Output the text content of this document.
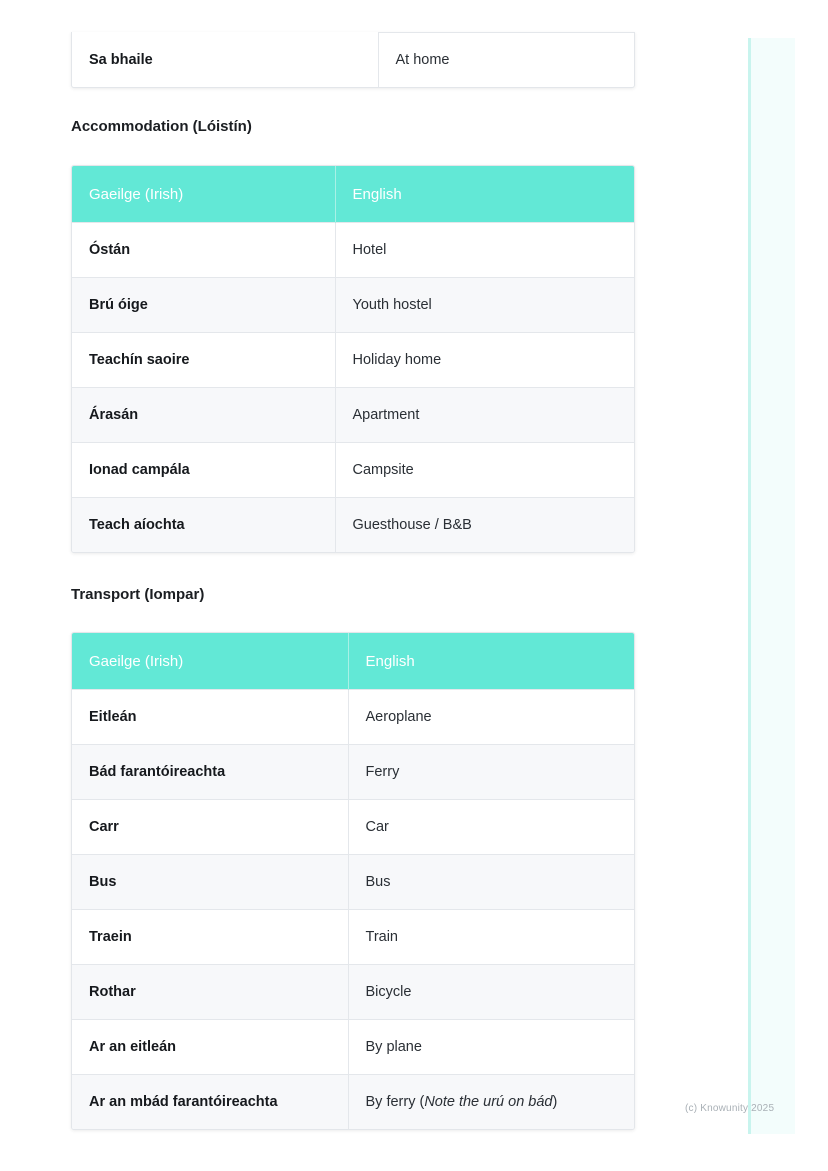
Sa bhaile	At home
Accommodation (Lóistín)
Gaeilge (Irish)	English
Óstán	Hotel
Brú óige	Youth hostel
Teachín saoire	Holiday home
Árasán	Apartment
Ionad campála	Campsite
Teach aíochta	Guesthouse / B&B
Transport (Iompar)
Gaeilge (Irish)	English
Eitleán	Aeroplane
Bád farantóireachta	Ferry
Carr	Car
Bus	Bus
Traein	Train
Rothar	Bicycle
Ar an eitleán	By plane
Ar an mbád farantóireachta	By ferry (Note the urú on bád)	(c) Knowunity 2025
